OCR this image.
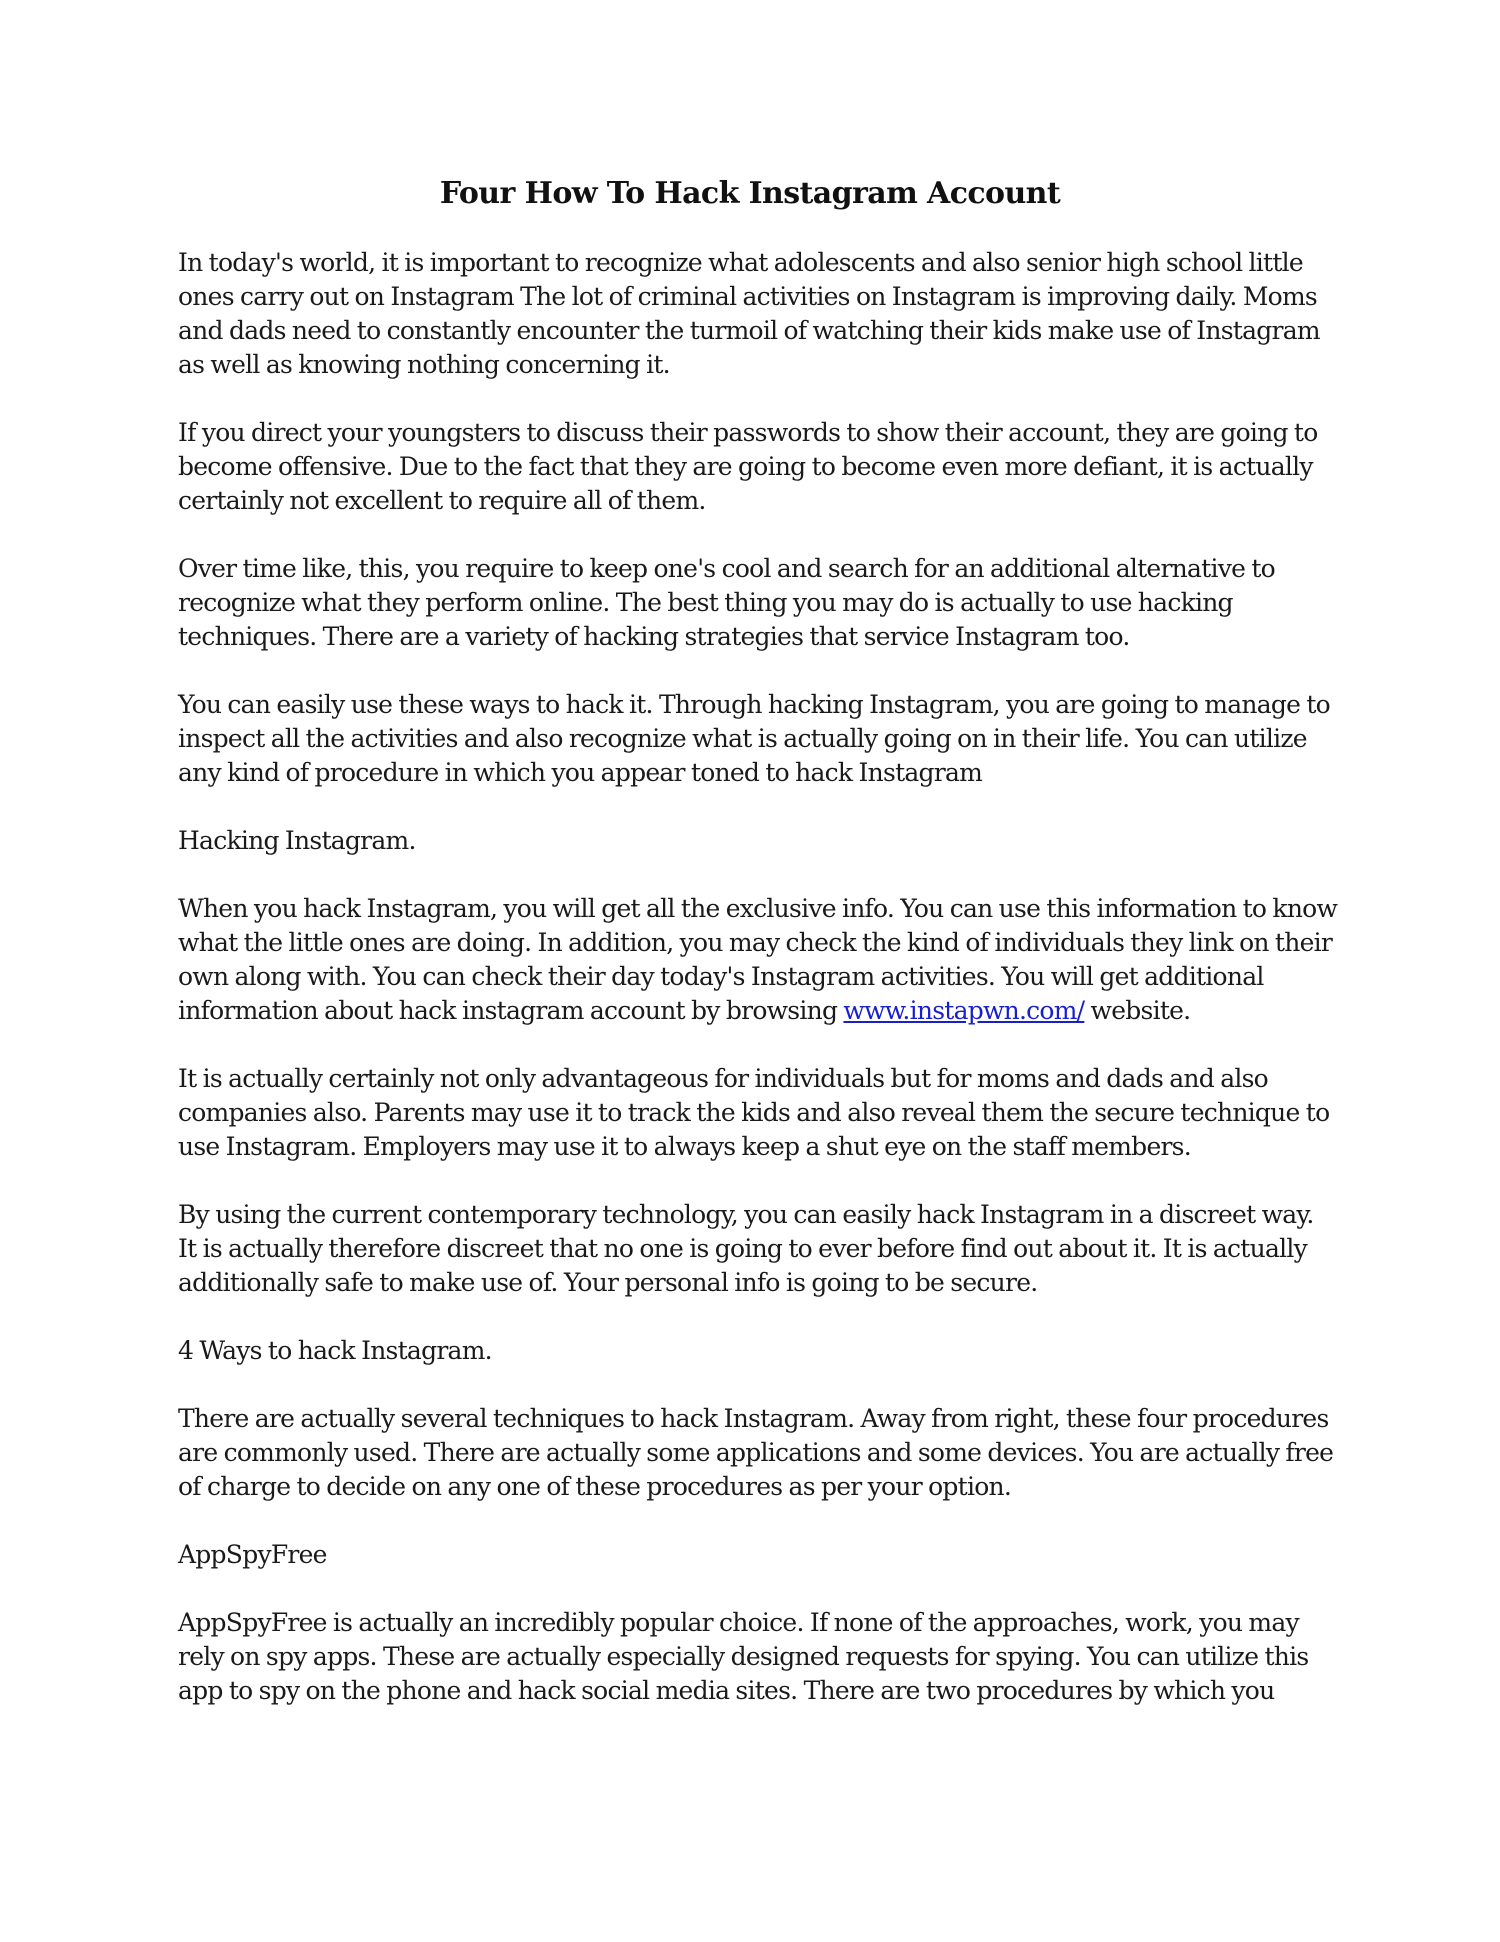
Four How To Hack Instagram Account

In today's world, it is important to recognize what adolescents and also senior high school little ones carry out on Instagram The lot of criminal activities on Instagram is improving daily. Moms and dads need to constantly encounter the turmoil of watching their kids make use of Instagram as well as knowing nothing concerning it.

If you direct your youngsters to discuss their passwords to show their account, they are going to become offensive. Due to the fact that they are going to become even more defiant, it is actually certainly not excellent to require all of them.

Over time like, this, you require to keep one's cool and search for an additional alternative to recognize what they perform online. The best thing you may do is actually to use hacking techniques. There are a variety of hacking strategies that service Instagram too.

You can easily use these ways to hack it. Through hacking Instagram, you are going to manage to inspect all the activities and also recognize what is actually going on in their life. You can utilize any kind of procedure in which you appear toned to hack Instagram

Hacking Instagram.

When you hack Instagram, you will get all the exclusive info. You can use this information to know what the little ones are doing. In addition, you may check the kind of individuals they link on their own along with. You can check their day today's Instagram activities. You will get additional information about hack instagram account by browsing www.instapwn.com/ website.

It is actually certainly not only advantageous for individuals but for moms and dads and also companies also. Parents may use it to track the kids and also reveal them the secure technique to use Instagram. Employers may use it to always keep a shut eye on the staff members.

By using the current contemporary technology, you can easily hack Instagram in a discreet way. It is actually therefore discreet that no one is going to ever before find out about it. It is actually additionally safe to make use of. Your personal info is going to be secure.

4 Ways to hack Instagram.

There are actually several techniques to hack Instagram. Away from right, these four procedures are commonly used. There are actually some applications and some devices. You are actually free of charge to decide on any one of these procedures as per your option.

AppSpyFree

AppSpyFree is actually an incredibly popular choice. If none of the approaches, work, you may rely on spy apps. These are actually especially designed requests for spying. You can utilize this app to spy on the phone and hack social media sites. There are two procedures by which you
